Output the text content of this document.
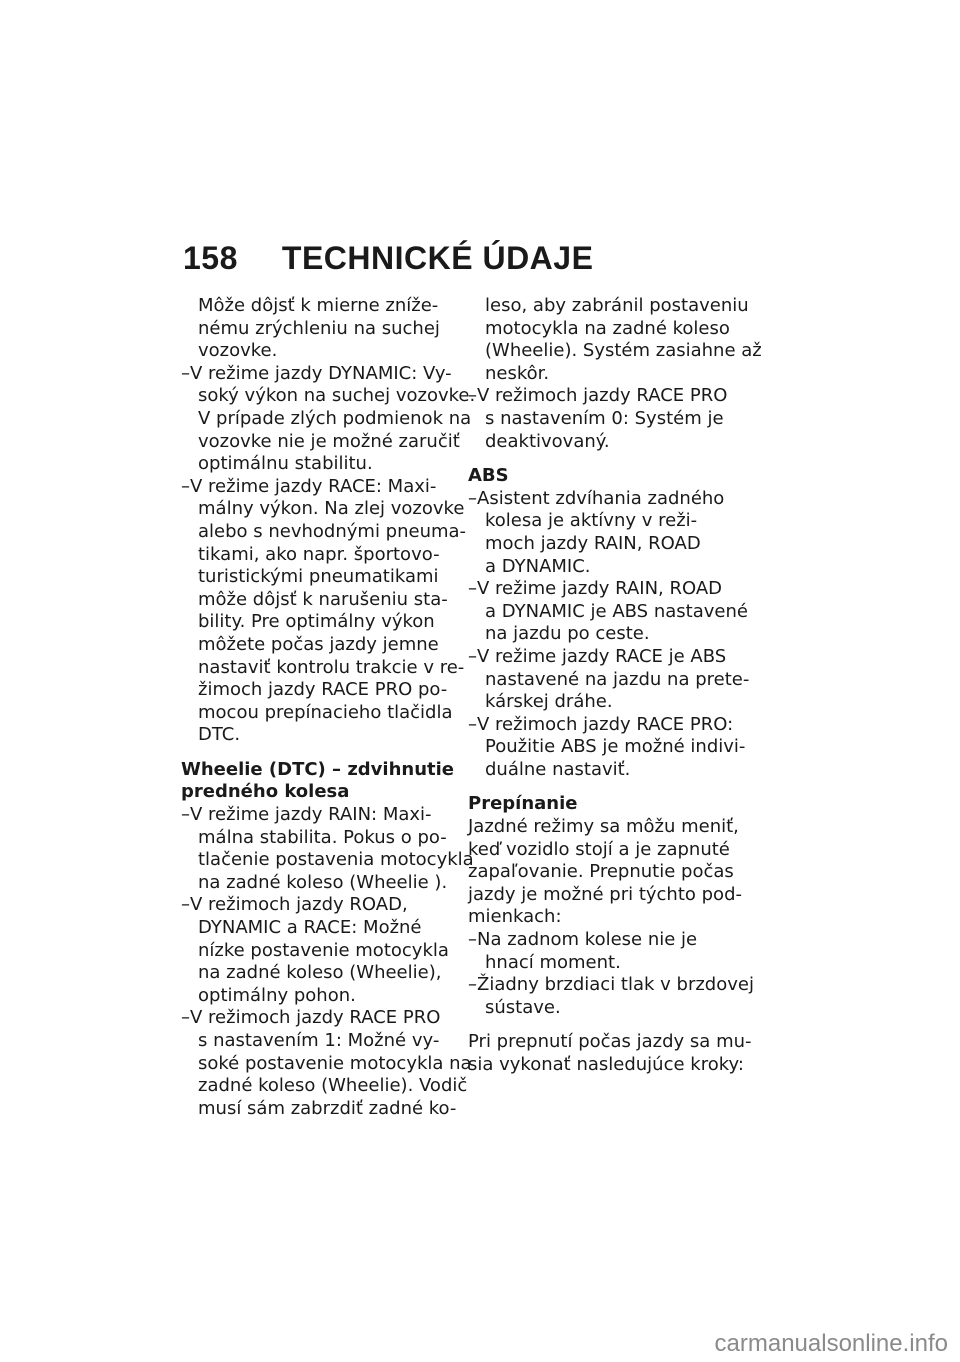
158 TECHNICKÉ ÚDAJE
Môže dôjsť k mierne zníže-
nému zrýchleniu na suchej
vozovke.
–V režime jazdy DYNAMIC: Vy-
soký výkon na suchej vozovke.
V prípade zlých podmienok na
vozovke nie je možné zaručiť
optimálnu stabilitu.
–V režime jazdy RACE: Maxi-
málny výkon. Na zlej vozovke
alebo s nevhodnými pneuma-
tikami, ako napr. športovo-
turistickými pneumatikami
môže dôjsť k narušeniu sta-
bility. Pre optimálny výkon
môžete počas jazdy jemne
nastaviť kontrolu trakcie v re-
žimoch jazdy RACE PRO po-
mocou prepínacieho tlačidla
DTC.
Wheelie (DTC) – zdvihnutie
predného kolesa
–V režime jazdy RAIN: Maxi-
málna stabilita. Pokus o po-
tlačenie postavenia motocykla
na zadné koleso (Wheelie ).
–V režimoch jazdy ROAD,
DYNAMIC a RACE: Možné
nízke postavenie motocykla
na zadné koleso (Wheelie),
optimálny pohon.
–V režimoch jazdy RACE PRO
s nastavením 1: Možné vy-
soké postavenie motocykla na
zadné koleso (Wheelie). Vodič
musí sám zabrzdiť zadné ko-
leso, aby zabránil postaveniu
motocykla na zadné koleso
(Wheelie). Systém zasiahne až
neskôr.
–V režimoch jazdy RACE PRO
s nastavením 0: Systém je
deaktivovaný.
ABS
–Asistent zdvíhania zadného
kolesa je aktívny v reži-
moch jazdy RAIN, ROAD
a DYNAMIC.
–V režime jazdy RAIN, ROAD
a DYNAMIC je ABS nastavené
na jazdu po ceste.
–V režime jazdy RACE je ABS
nastavené na jazdu na prete-
kárskej dráhe.
–V režimoch jazdy RACE PRO:
Použitie ABS je možné indivi-
duálne nastaviť.
Prepínanie
Jazdné režimy sa môžu meniť,
keď vozidlo stojí a je zapnuté
zapaľovanie. Prepnutie počas
jazdy je možné pri týchto pod-
mienkach:
–Na zadnom kolese nie je
hnací moment.
–Žiadny brzdiaci tlak v brzdovej
sústave.
Pri prepnutí počas jazdy sa mu-
sia vykonať nasledujúce kroky:
carmanualsonline.info
